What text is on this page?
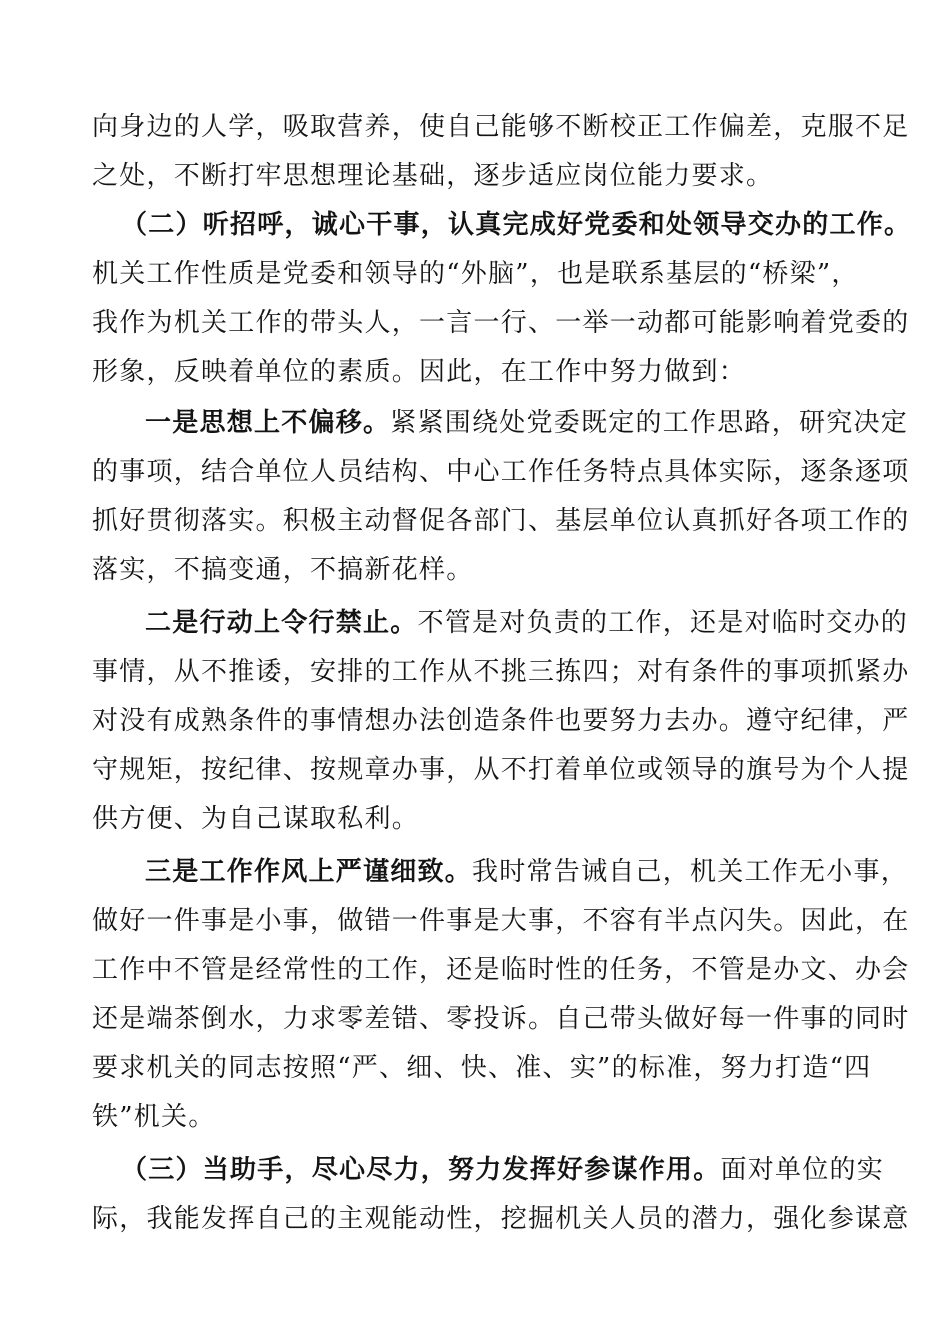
向身边的人学，吸取营养，使自己能够不断校正工作偏差，克服不足
之处，不断打牢思想理论基础，逐步适应岗位能力要求。
（二）听招呼，诚心干事，认真完成好党委和处领导交办的工作。
机关工作性质是党委和领导的“外脑”，也是联系基层的“桥梁”，
我作为机关工作的带头人，一言一行、一举一动都可能影响着党委的
形象，反映着单位的素质。因此，在工作中努力做到：
一是思想上不偏移。紧紧围绕处党委既定的工作思路，研究决定
的事项，结合单位人员结构、中心工作任务特点具体实际，逐条逐项
抓好贯彻落实。积极主动督促各部门、基层单位认真抓好各项工作的
落实，不搞变通，不搞新花样。
二是行动上令行禁止。不管是对负责的工作，还是对临时交办的
事情，从不推诿，安排的工作从不挑三拣四；对有条件的事项抓紧办
对没有成熟条件的事情想办法创造条件也要努力去办。遵守纪律，严
守规矩，按纪律、按规章办事，从不打着单位或领导的旗号为个人提
供方便、为自己谋取私利。
三是工作作风上严谨细致。我时常告诫自己，机关工作无小事，
做好一件事是小事，做错一件事是大事，不容有半点闪失。因此，在
工作中不管是经常性的工作，还是临时性的任务，不管是办文、办会
还是端茶倒水，力求零差错、零投诉。自己带头做好每一件事的同时
要求机关的同志按照“严、细、快、准、实”的标准，努力打造“四
铁”机关。
（三）当助手，尽心尽力，努力发挥好参谋作用。面对单位的实
际，我能发挥自己的主观能动性，挖掘机关人员的潜力，强化参谋意
